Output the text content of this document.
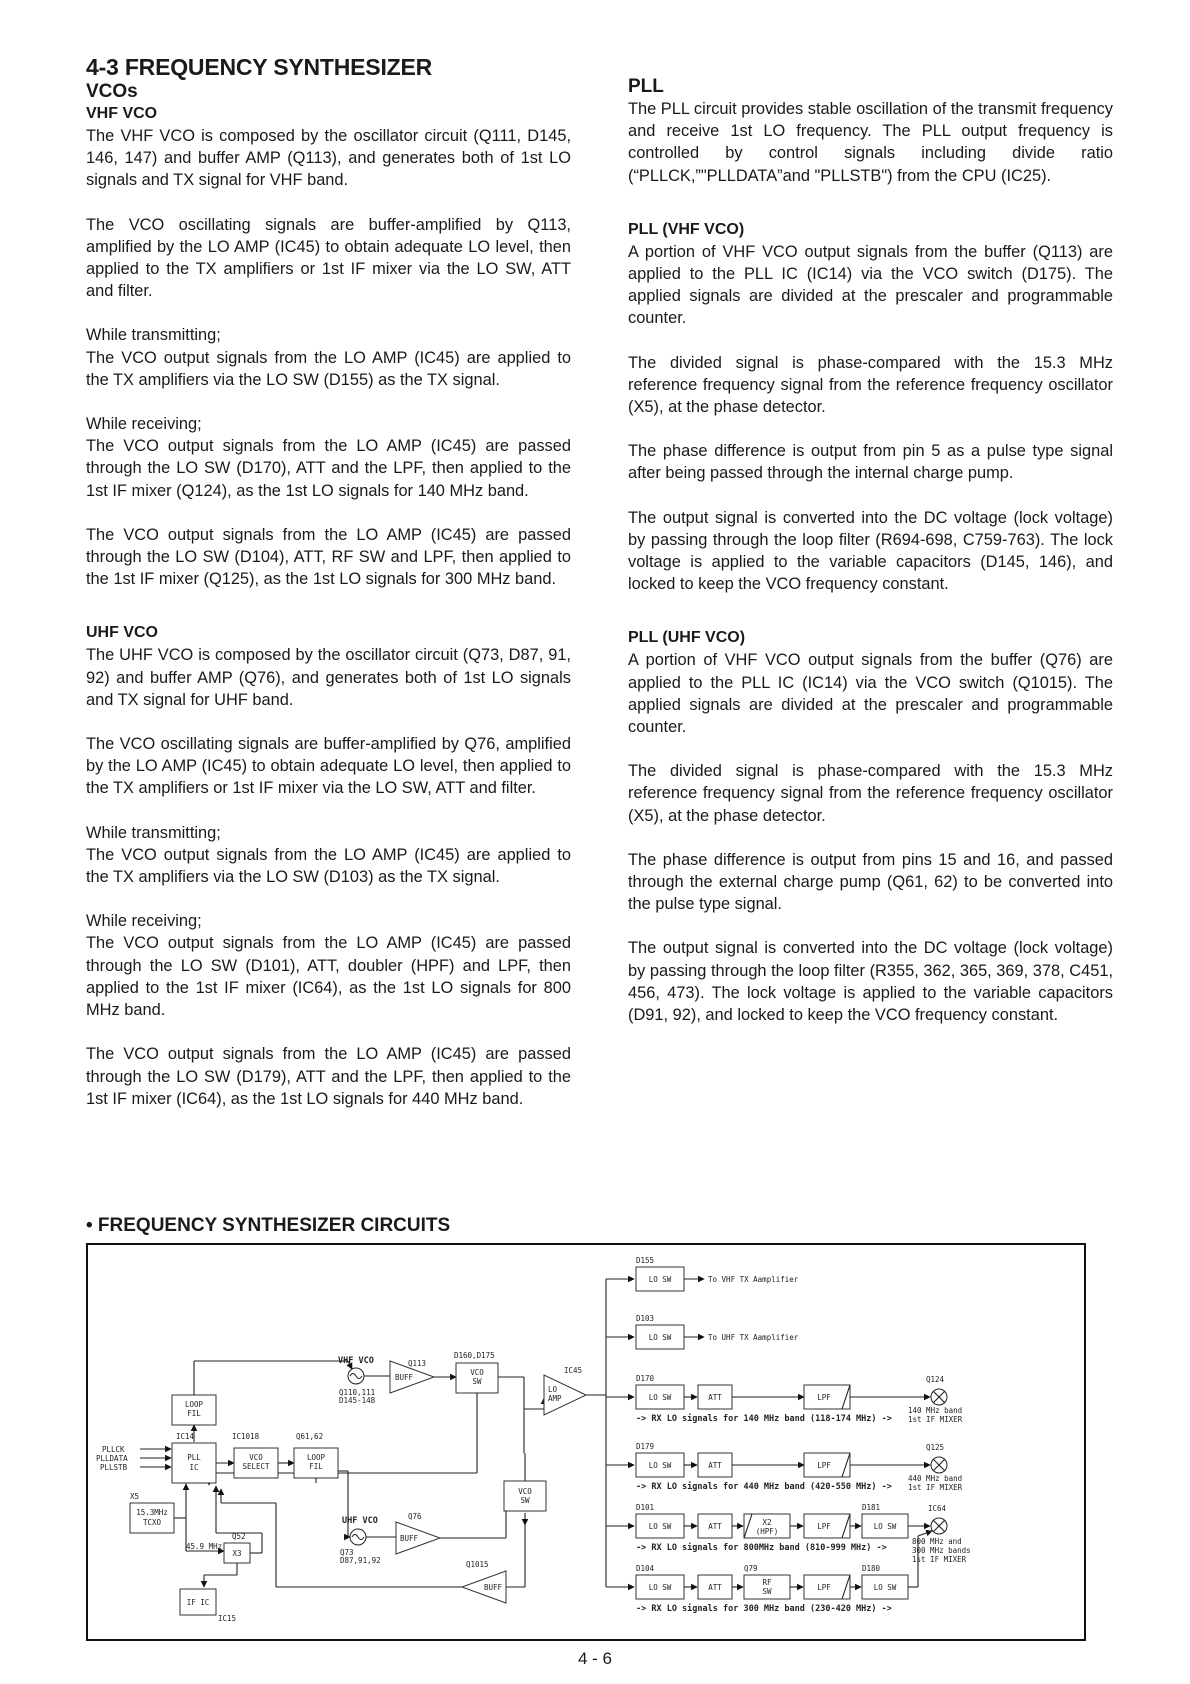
4-3 FREQUENCY SYNTHESIZER
VCOs
VHF VCO

The VHF VCO is composed by the oscillator circuit (Q111, D145, 146, 147) and buffer AMP (Q113), and generates both of 1st LO signals and TX signal for VHF band.

The VCO oscillating signals are buffer-amplified by Q113, amplified by the LO AMP (IC45) to obtain adequate LO level, then applied to the TX amplifiers or 1st IF mixer via the LO SW, ATT and filter.

While transmitting;

The VCO output signals from the LO AMP (IC45) are applied to the TX amplifiers via the LO SW (D155) as the TX signal.

While receiving;

The VCO output signals from the LO AMP (IC45) are passed through the LO SW (D170), ATT and the LPF, then applied to the 1st IF mixer (Q124), as the 1st LO signals for 140 MHz band.

The VCO output signals from the LO AMP (IC45) are passed through the LO SW (D104), ATT, RF SW and LPF, then applied to the 1st IF mixer (Q125), as the 1st LO signals for 300 MHz band.

UHF VCO

The UHF VCO is composed by the oscillator circuit (Q73, D87, 91, 92) and buffer AMP (Q76), and generates both of 1st LO signals and TX signal for UHF band.

The VCO oscillating signals are buffer-amplified by Q76, amplified by the LO AMP (IC45) to obtain adequate LO level, then applied to the TX amplifiers or 1st IF mixer via the LO SW, ATT and filter.

While transmitting;

The VCO output signals from the LO AMP (IC45) are applied to the TX amplifiers via the LO SW (D103) as the TX signal.

While receiving;

The VCO output signals from the LO AMP (IC45) are passed through the LO SW (D101), ATT, doubler (HPF) and LPF, then applied to the 1st IF mixer (IC64), as the 1st LO signals for 800 MHz band.

The VCO output signals from the LO AMP (IC45) are passed through the LO SW (D179), ATT and the LPF, then applied to the 1st IF mixer (IC64), as the 1st LO signals for 440 MHz band.

PLL

The PLL circuit provides stable oscillation of the transmit frequency and receive 1st LO frequency. The PLL output frequency is controlled by control signals including divide ratio (“PLLCK,”"PLLDATA”and "PLLSTB") from the CPU (IC25).

PLL (VHF VCO)

A portion of VHF VCO output signals from the buffer (Q113) are applied to the PLL IC (IC14) via the VCO switch (D175). The applied signals are divided at the prescaler and programmable counter.

The divided signal is phase-compared with the 15.3 MHz reference frequency signal from the reference frequency oscillator (X5), at the phase detector.

The phase difference is output from pin 5 as a pulse type signal after being passed through the internal charge pump.

The output signal is converted into the DC voltage (lock voltage) by passing through the loop filter (R694-698, C759-763). The lock voltage is applied to the variable capacitors (D145, 146), and locked to keep the VCO frequency constant.

PLL (UHF VCO)

A portion of VHF VCO output signals from the buffer (Q76) are applied to the PLL IC (IC14) via the VCO switch (Q1015). The applied signals are divided at the prescaler and programmable counter.

The divided signal is phase-compared with the 15.3 MHz reference frequency signal from the reference frequency oscillator (X5), at the phase detector.

The phase difference is output from pins 15 and 16, and passed through the external charge pump (Q61, 62) to be converted into the pulse type signal.

The output signal is converted into the DC voltage (lock voltage) by passing through the loop filter (R355, 362, 365, 369, 378, C451, 456, 473). The lock voltage is applied to the variable capacitors (D91, 92), and locked to keep the VCO frequency constant.

• FREQUENCY SYNTHESIZER CIRCUITS
D155
LO SW	To VHF TX Aamplifier
D103
LO SW	To UHF TX Aamplifier
D170
LO SW	ATT	LPF
-> RX LO signals for 140 MHz band (118-174 MHz) ->
Q124
140 MHz band
1st IF MIXER
D179
LO SW	ATT	LPF
-> RX LO signals for 440 MHz band (420-550 MHz) ->
Q125
440 MHz band
1st IF MIXER
D101
LO SW	ATT	X2
(HPF)
LPF
D181
LO SW
-> RX LO signals for 800MHz band (810-999 MHz) ->
IC64
800 MHz and
300 MHz bands
1st IF MIXER
D104
LO SW	ATT
Q79
RF
SW	LPF
D180
LO SW
-> RX LO signals for 300 MHz band (230-420 MHz) ->
VHF VCO
Q110,111
D145-148
Q113
BUFF
D160,D175
VCO
SW
IC45
LO
AMP
VCO
SW
UHF VCO
Q73
D87,91,92
Q76
BUFF
Q1015
BUFF
LOOP
FIL
IC14
PLL
IC
PLLCK
PLLDATA
PLLSTB
IC1018
VCO
SELECT
Q61,62
LOOP
FIL
X5
15.3MHz
TCXO
Q52
X3
45.9 MHz
IF IC
IC15
4 - 6
